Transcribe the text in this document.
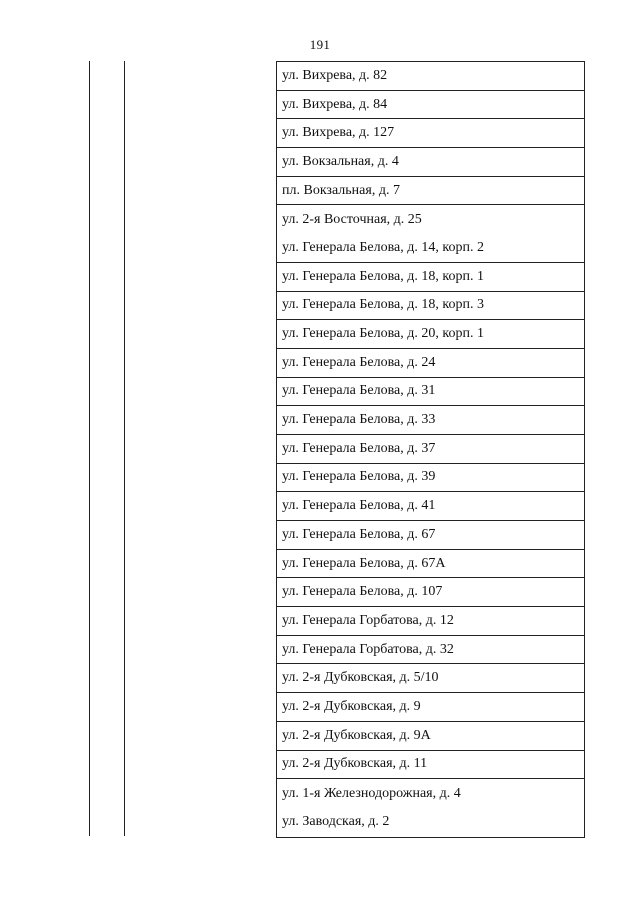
191
ул. Вихрева, д. 82
ул. Вихрева, д. 84
ул. Вихрева, д. 127
ул. Вокзальная, д. 4
пл. Вокзальная, д. 7
ул. 2-я Восточная, д. 25
ул. Генерала Белова, д. 14, корп. 2
ул. Генерала Белова, д. 18, корп. 1
ул. Генерала Белова, д. 18, корп. 3
ул. Генерала Белова, д. 20, корп. 1
ул. Генерала Белова, д. 24
ул. Генерала Белова, д. 31
ул. Генерала Белова, д. 33
ул. Генерала Белова, д. 37
ул. Генерала Белова, д. 39
ул. Генерала Белова, д. 41
ул. Генерала Белова, д. 67
ул. Генерала Белова, д. 67А
ул. Генерала Белова, д. 107
ул. Генерала Горбатова, д. 12
ул. Генерала Горбатова, д. 32
ул. 2-я Дубковская, д. 5/10
ул. 2-я Дубковская, д. 9
ул. 2-я Дубковская, д. 9А
ул. 2-я Дубковская, д. 11
ул. 1-я Железнодорожная, д. 4
ул. Заводская, д. 2
